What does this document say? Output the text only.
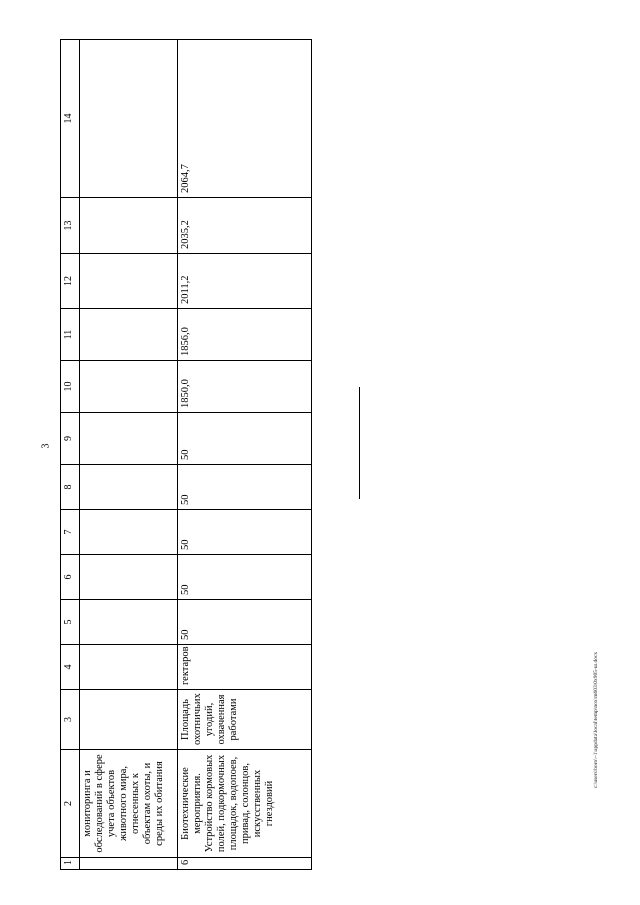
3
1	2	3	4	5	6	7	8	9	10	11	12	13	14
	мониторинга и обследований в сфере учета объектов животного мира, отнесенных к объектам охоты, и среды их обитания												
6	Биотехнические мероприятия. Устройство кормовых полей, подкормочных площадок, водопоев, привад, солонцов, искусственных гнездовий	Площадь охотничьих угодий, охваченная работами	гектаров	50	50	50	50	50	1850,0	1856,0	2011,2	2035,2	2064,7
c:\users\boro\~1\appdata\local\temp\nox\m603\0x905-ш.docx
